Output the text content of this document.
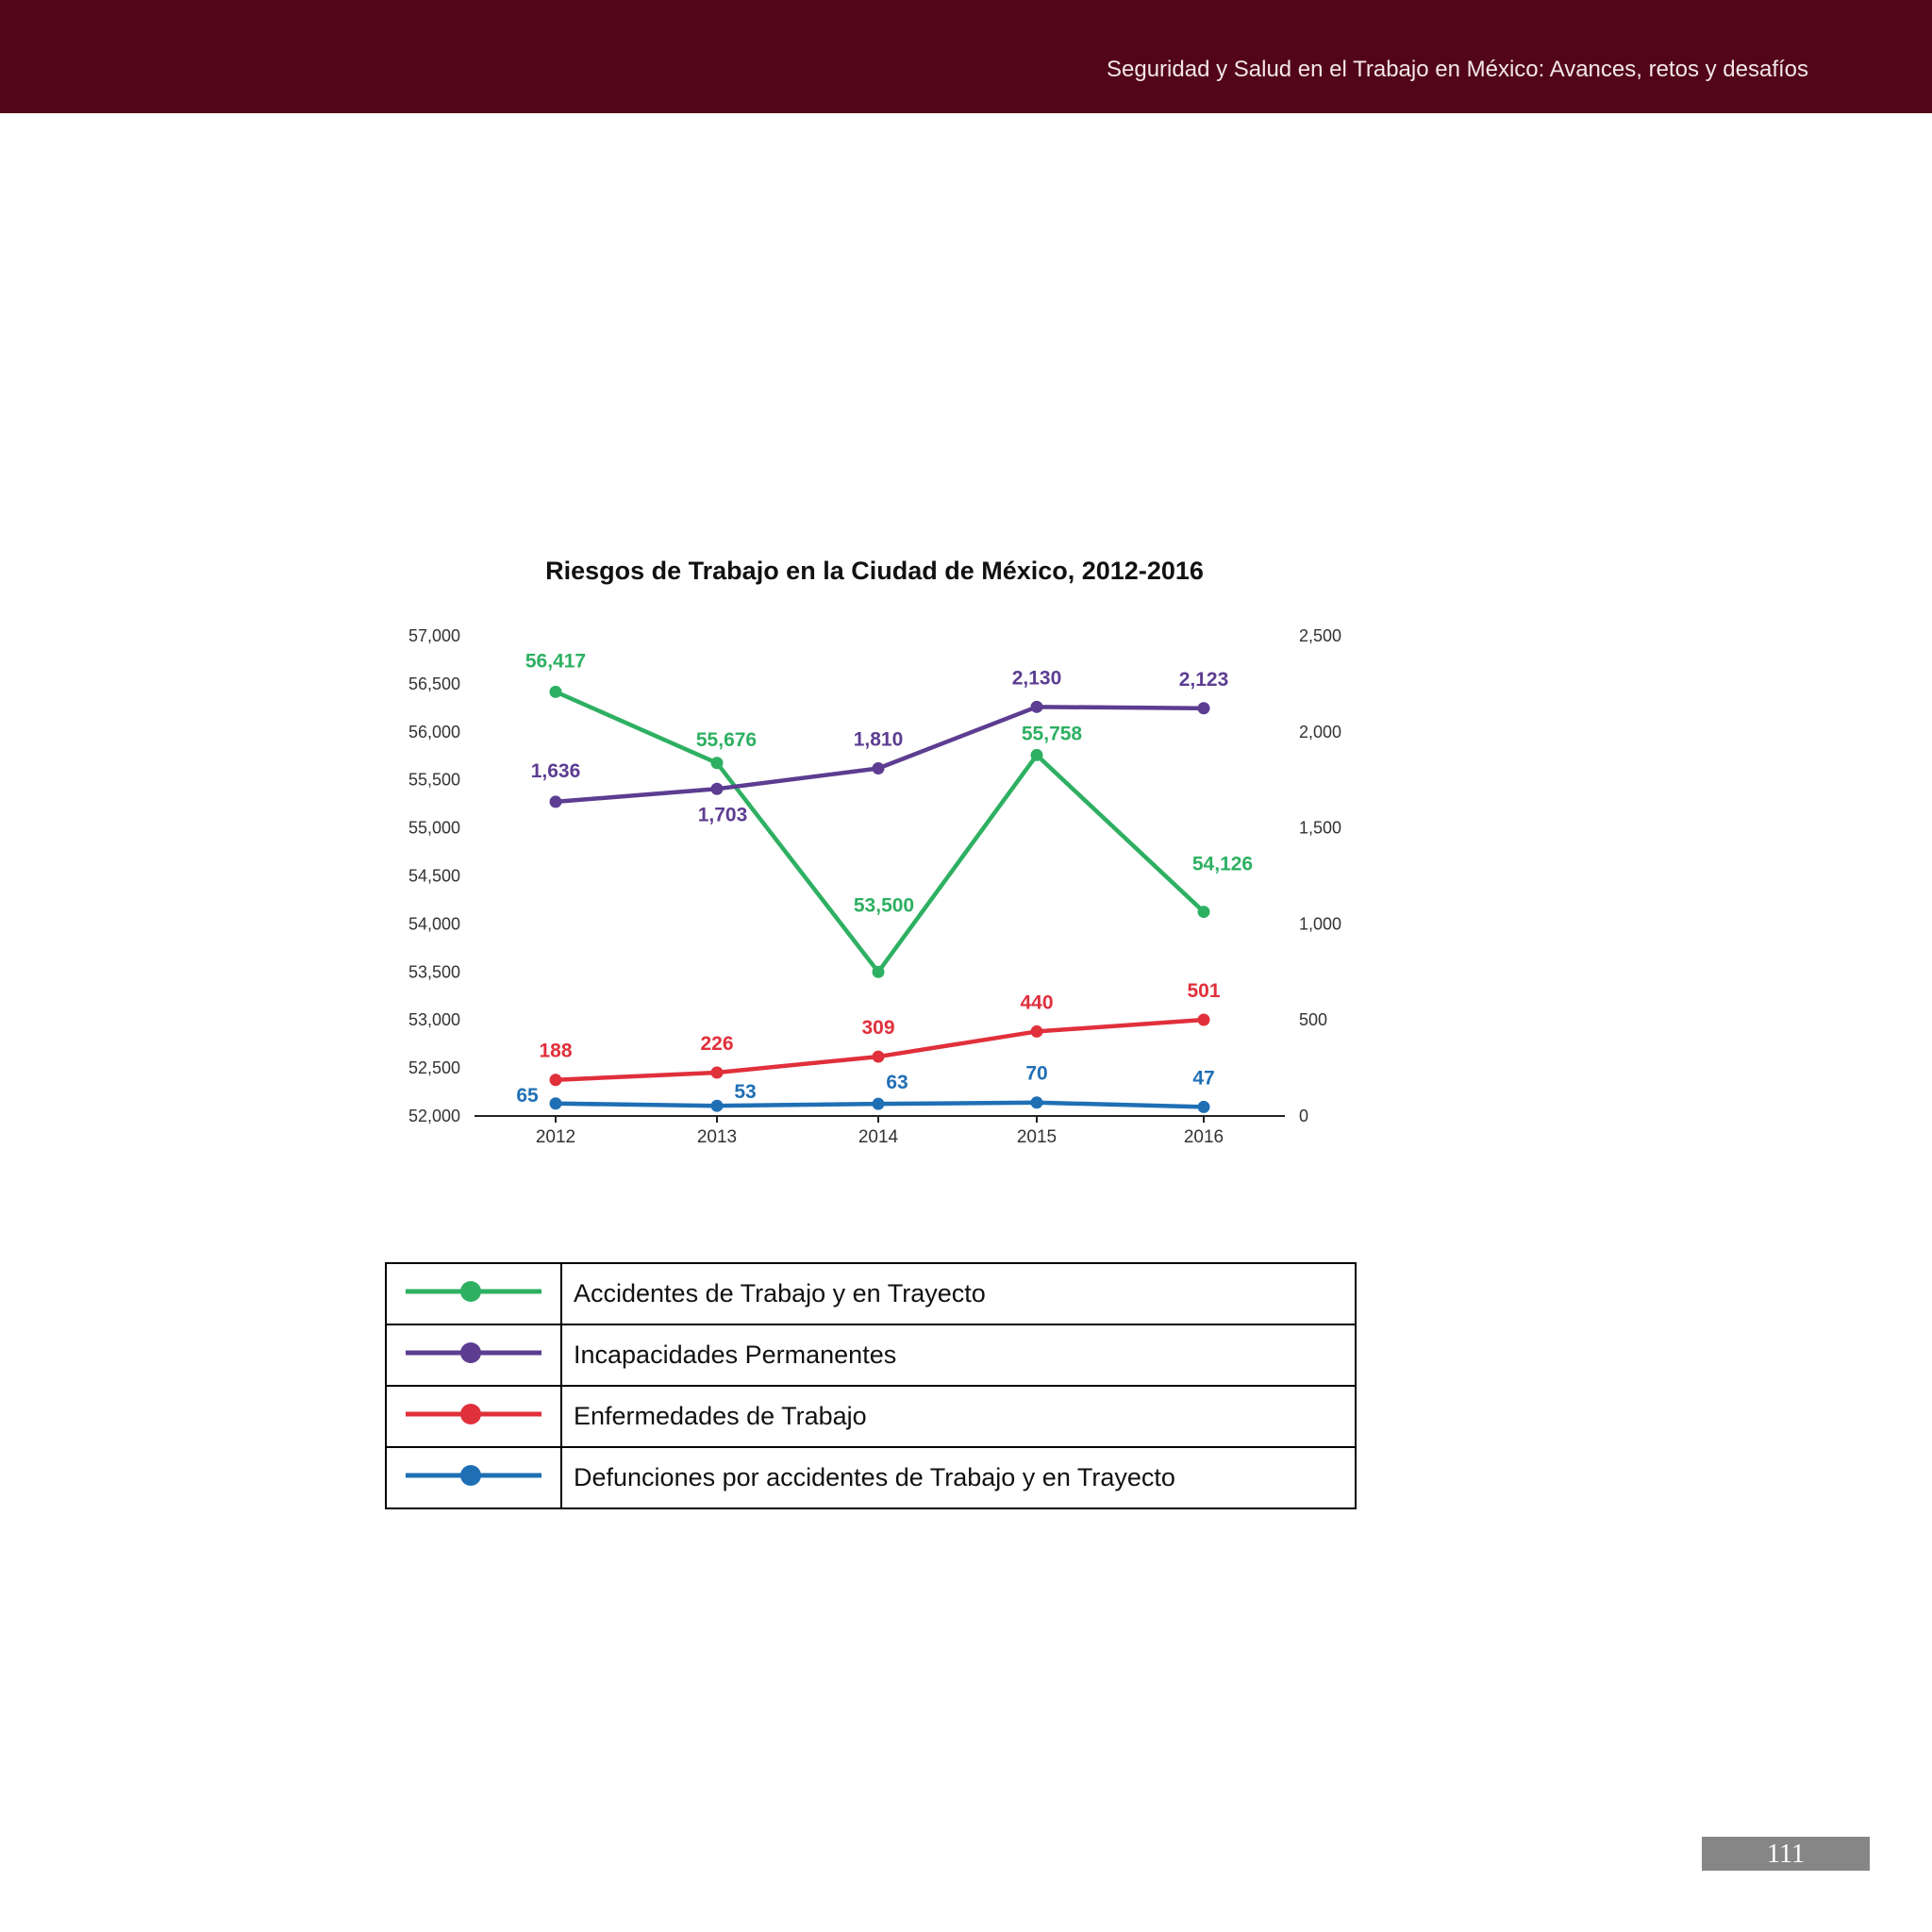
Seguridad y Salud en el Trabajo en México: Avances, retos y desafíos
Riesgos de Trabajo en la Ciudad de México, 2012-2016
52,000
52,500
53,000
53,500
54,000
54,500
55,000
55,500
56,000
56,500
57,000
0
500
1,000
1,500
2,000
2,500
2012	2013	2014	2015	2016
56,417
55,676
53,500
55,758
54,126
1,636
1,703
1,810
2,130	2,123
188	226
309
440
501
65	53	63	70	47
	Accidentes de Trabajo y en Trayecto
	Incapacidades Permanentes
	Enfermedades de Trabajo
	Defunciones por accidentes de Trabajo y en Trayecto
111
